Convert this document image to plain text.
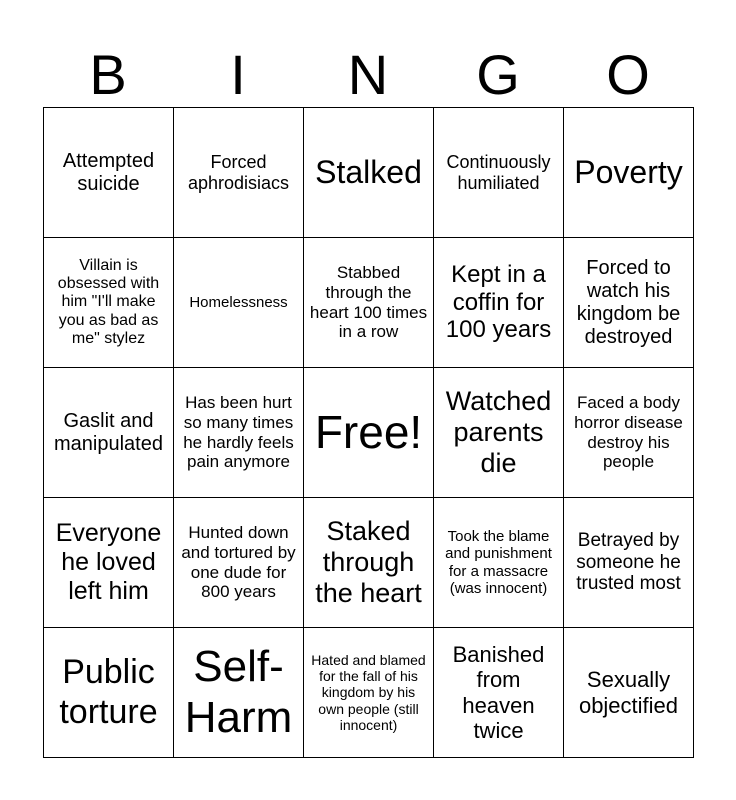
B	I	N	G	O
Attempted suicide	Forced aphrodisiacs	Stalked	Continuously humiliated	Poverty
Villain is obsessed with him "I'll make you as bad as me" stylez	Homelessness	Stabbed through the heart 100 times in a row	Kept in a coffin for 100 years	Forced to watch his kingdom be destroyed
Gaslit and manipulated	Has been hurt so many times he hardly feels pain anymore	Free!	Watched parents die	Faced a body horror disease destroy his people
Everyone he loved left him	Hunted down and tortured by one dude for 800 years	Staked through the heart	Took the blame and punishment for a massacre (was innocent)	Betrayed by someone he trusted most
Public torture	Self-Harm	Hated and blamed for the fall of his kingdom by his own people (still innocent)	Banished from heaven twice	Sexually objectified
